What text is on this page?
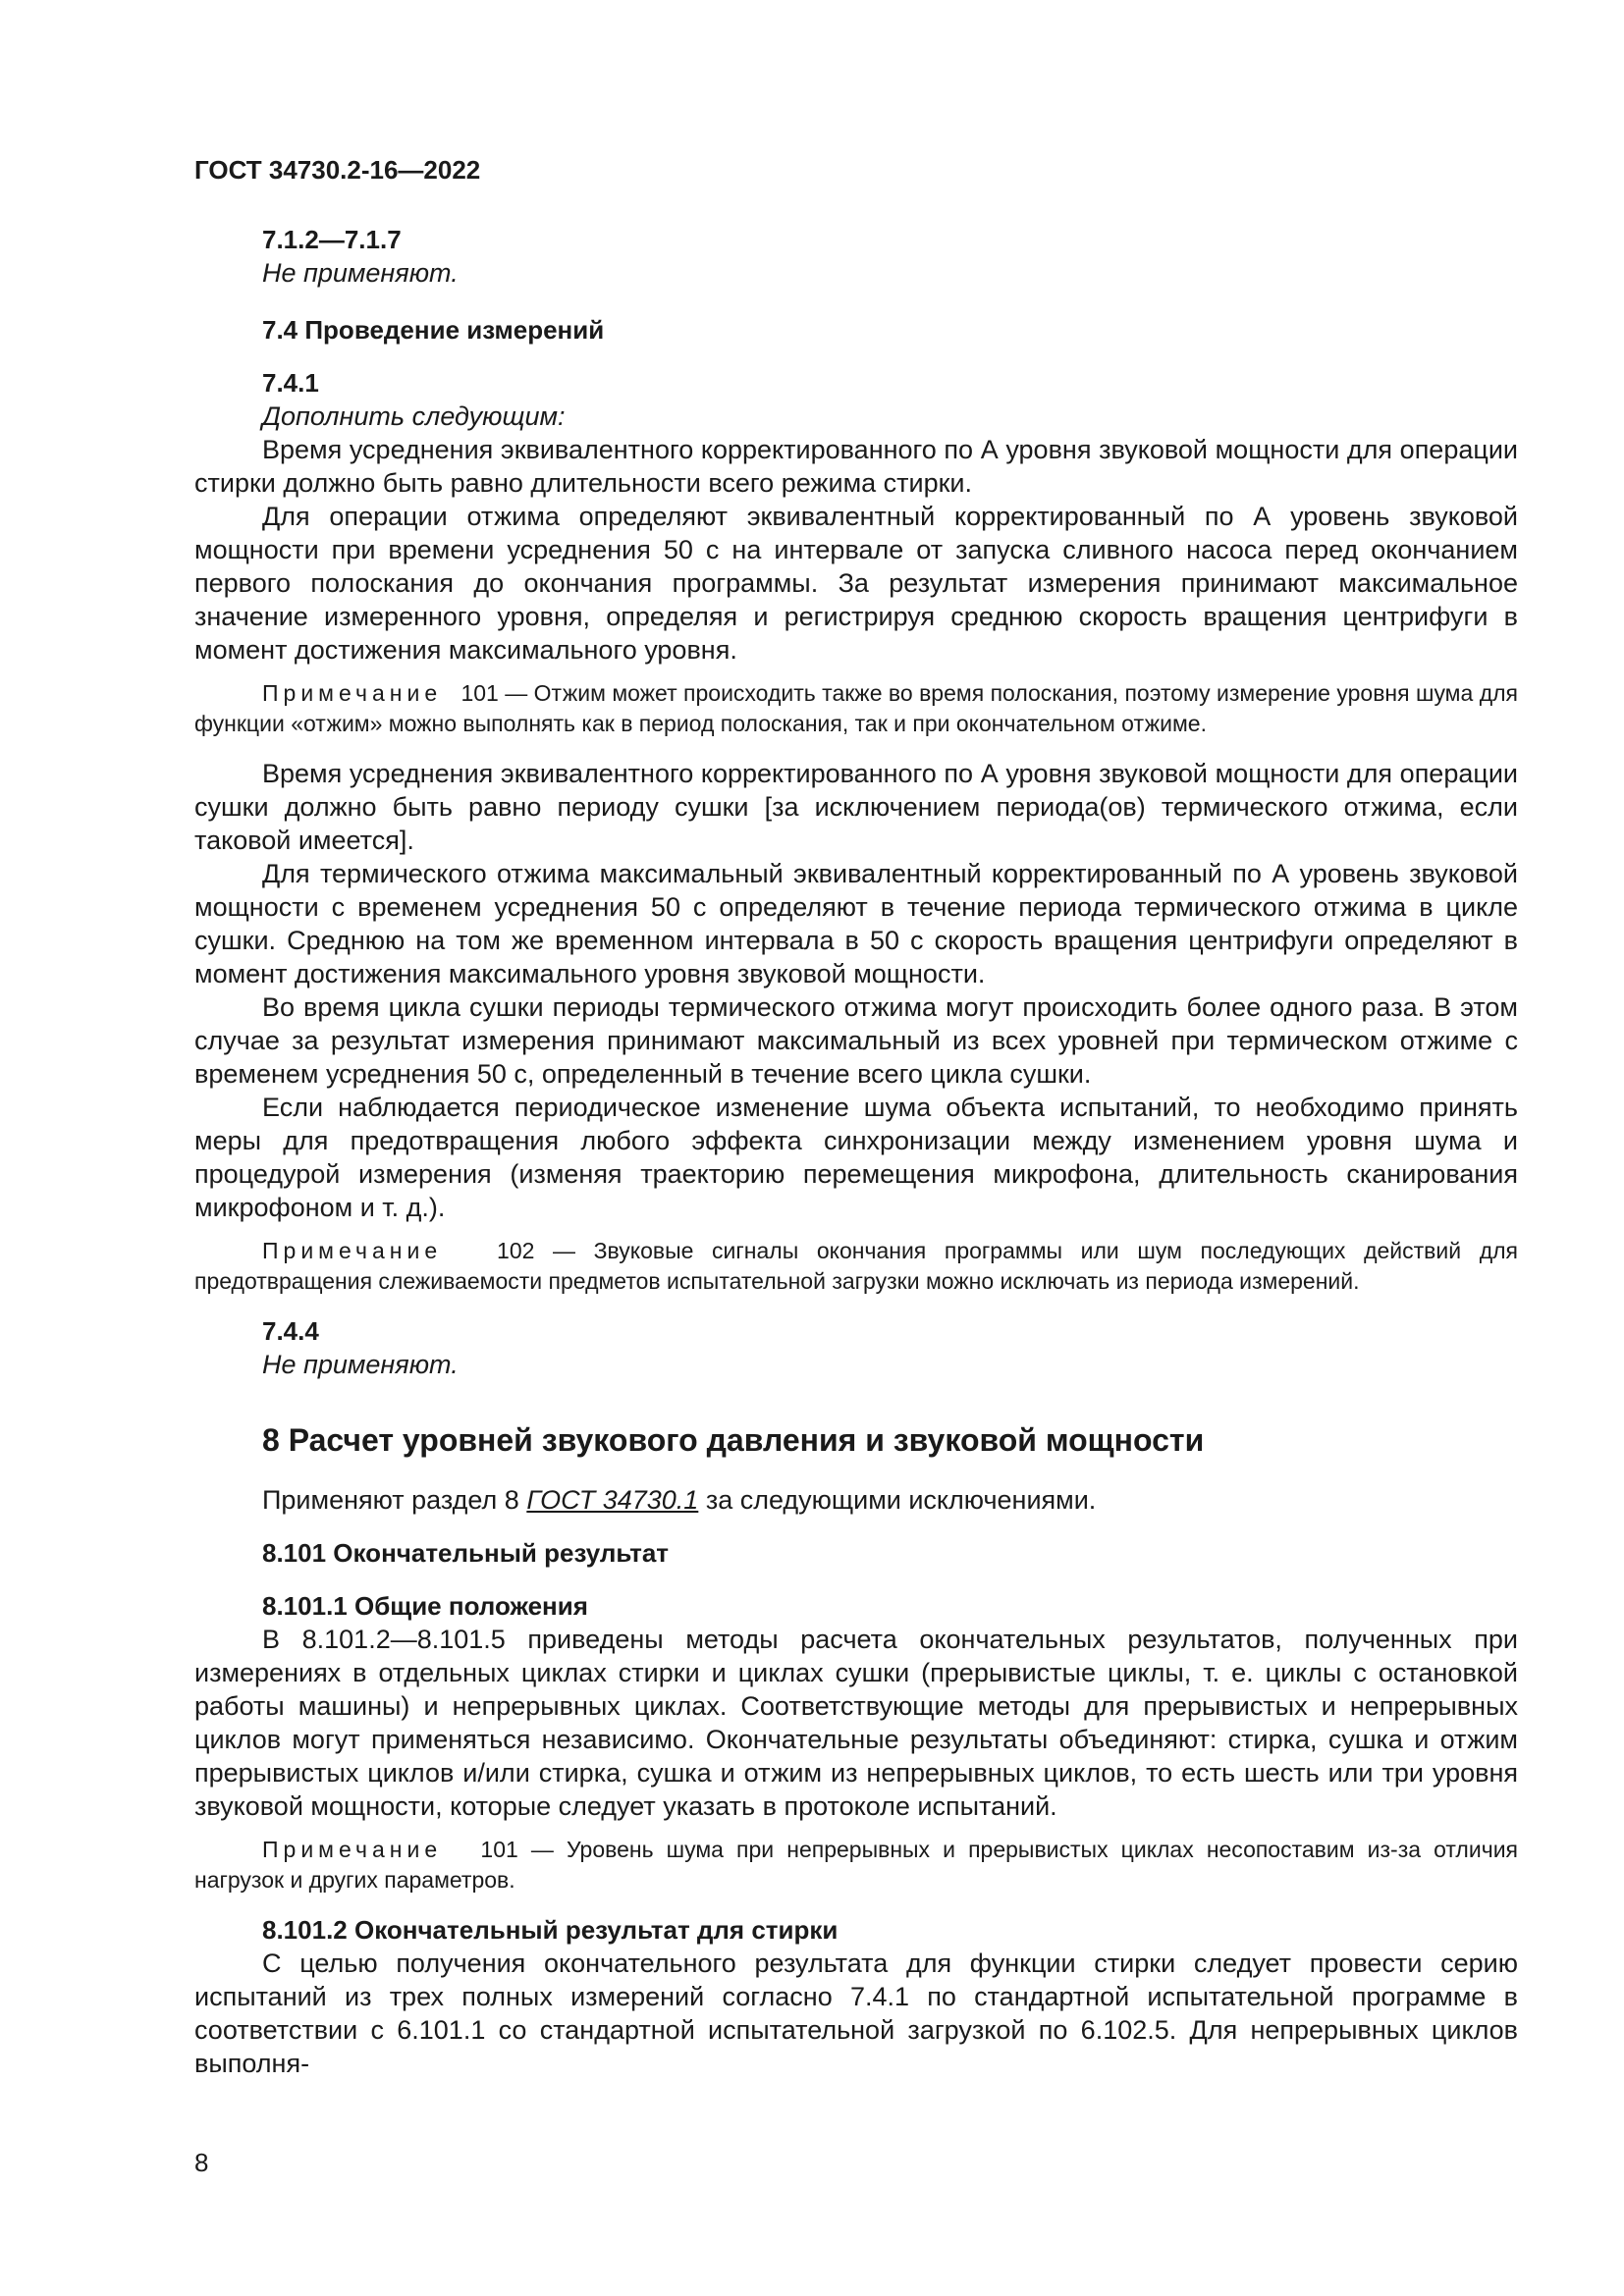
ГОСТ 34730.2-16—2022

7.1.2—7.1.7

Не применяют.

7.4 Проведение измерений

7.4.1

Дополнить следующим:

Время усреднения эквивалентного корректированного по А уровня звуковой мощности для операции стирки должно быть равно длительности всего режима стирки.

Для операции отжима определяют эквивалентный корректированный по А уровень звуковой мощности при времени усреднения 50 с на интервале от запуска сливного насоса перед окончанием первого полоскания до окончания программы. За результат измерения принимают максимальное значение измеренного уровня, определяя и регистрируя среднюю скорость вращения центрифуги в момент достижения максимального уровня.

Примечание 101 — Отжим может происходить также во время полоскания, поэтому измерение уровня шума для функции «отжим» можно выполнять как в период полоскания, так и при окончательном отжиме.

Время усреднения эквивалентного корректированного по А уровня звуковой мощности для операции сушки должно быть равно периоду сушки [за исключением периода(ов) термического отжима, если таковой имеется].

Для термического отжима максимальный эквивалентный корректированный по А уровень звуковой мощности с временем усреднения 50 с определяют в течение периода термического отжима в цикле сушки. Среднюю на том же временном интервала в 50 с скорость вращения центрифуги определяют в момент достижения максимального уровня звуковой мощности.

Во время цикла сушки периоды термического отжима могут происходить более одного раза. В этом случае за результат измерения принимают максимальный из всех уровней при термическом отжиме с временем усреднения 50 с, определенный в течение всего цикла сушки.

Если наблюдается периодическое изменение шума объекта испытаний, то необходимо принять меры для предотвращения любого эффекта синхронизации между изменением уровня шума и процедурой измерения (изменяя траекторию перемещения микрофона, длительность сканирования микрофоном и т. д.).

Примечание 102 — Звуковые сигналы окончания программы или шум последующих действий для предотвращения слеживаемости предметов испытательной загрузки можно исключать из периода измерений.

7.4.4

Не применяют.

8 Расчет уровней звукового давления и звуковой мощности

Применяют раздел 8 ГОСТ 34730.1 за следующими исключениями.

8.101 Окончательный результат

8.101.1 Общие положения

В 8.101.2—8.101.5 приведены методы расчета окончательных результатов, полученных при измерениях в отдельных циклах стирки и циклах сушки (прерывистые циклы, т. е. циклы с остановкой работы машины) и непрерывных циклах. Соответствующие методы для прерывистых и непрерывных циклов могут применяться независимо. Окончательные результаты объединяют: стирка, сушка и отжим прерывистых циклов и/или стирка, сушка и отжим из непрерывных циклов, то есть шесть или три уровня звуковой мощности, которые следует указать в протоколе испытаний.

Примечание 101 — Уровень шума при непрерывных и прерывистых циклах несопоставим из-за отличия нагрузок и других параметров.

8.101.2 Окончательный результат для стирки

С целью получения окончательного результата для функции стирки следует провести серию испытаний из трех полных измерений согласно 7.4.1 по стандартной испытательной программе в соответствии с 6.101.1 со стандартной испытательной загрузкой по 6.102.5. Для непрерывных циклов выполня-

8
